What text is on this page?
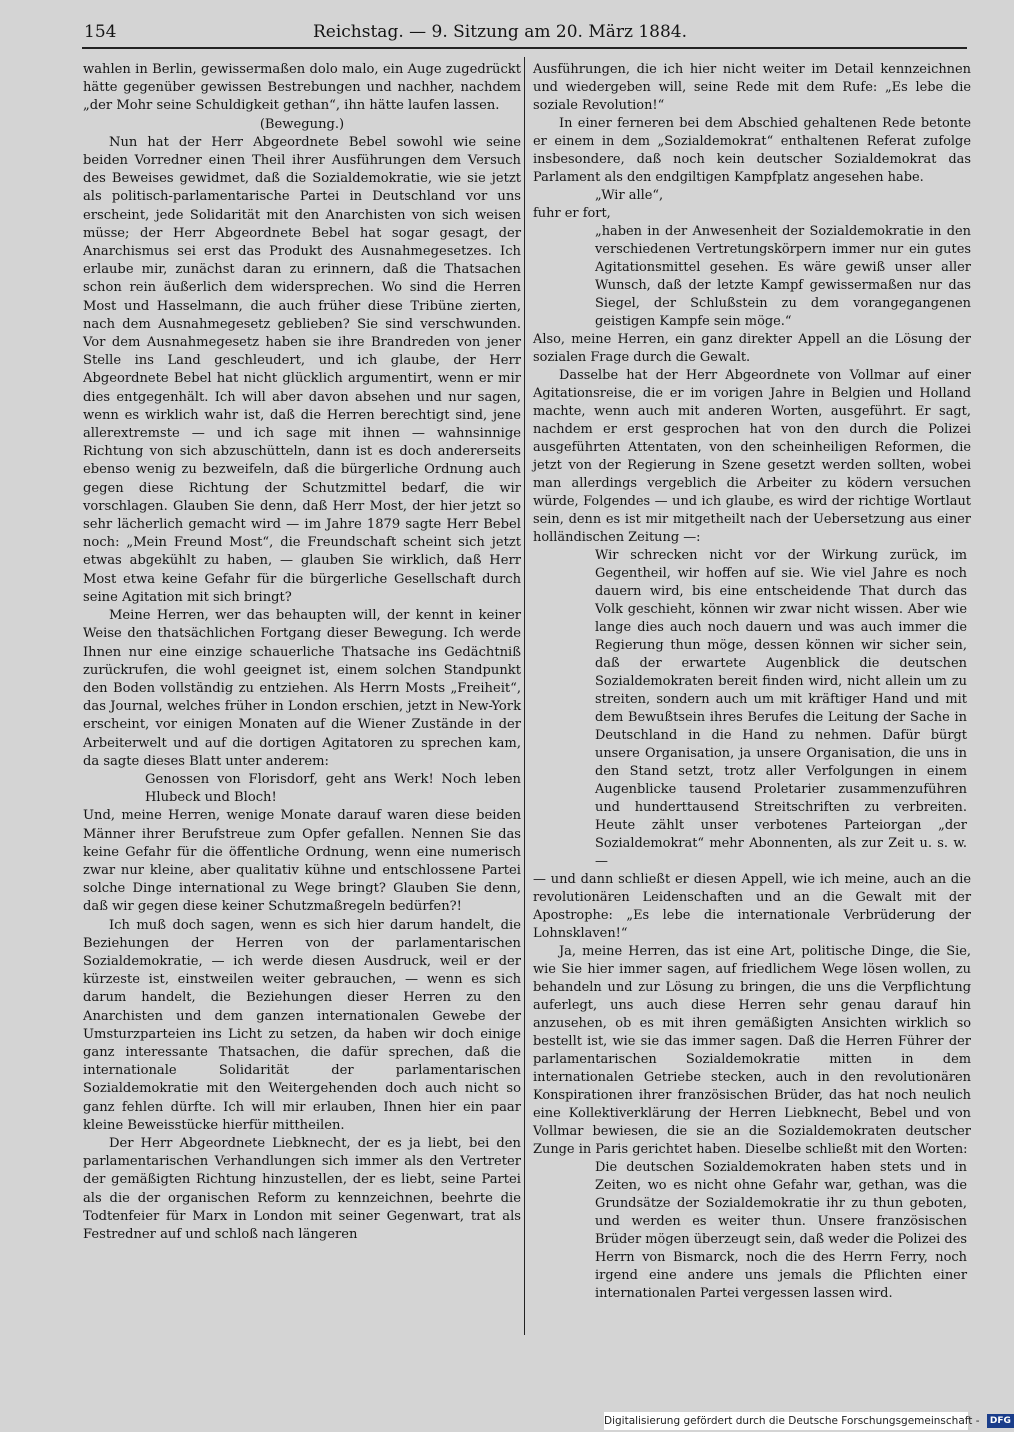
154	Reichstag. — 9. Sitzung am 20. März 1884.

wahlen in Berlin, gewissermaßen dolo malo, ein Auge zugedrückt hätte gegenüber gewissen Bestrebungen und nachher, nachdem „der Mohr seine Schuldigkeit gethan“, ihn hätte laufen lassen.

(Bewegung.)

Nun hat der Herr Abgeordnete Bebel sowohl wie seine beiden Vorredner einen Theil ihrer Ausführungen dem Versuch des Beweises gewidmet, daß die Sozialdemokratie, wie sie jetzt als politisch-parlamentarische Partei in Deutschland vor uns erscheint, jede Solidarität mit den Anarchisten von sich weisen müsse; der Herr Abgeordnete Bebel hat sogar gesagt, der Anarchismus sei erst das Produkt des Ausnahmegesetzes. Ich erlaube mir, zunächst daran zu erinnern, daß die Thatsachen schon rein äußerlich dem widersprechen. Wo sind die Herren Most und Hasselmann, die auch früher diese Tribüne zierten, nach dem Ausnahmegesetz geblieben? Sie sind verschwunden. Vor dem Ausnahmegesetz haben sie ihre Brandreden von jener Stelle ins Land geschleudert, und ich glaube, der Herr Abgeordnete Bebel hat nicht glücklich argumentirt, wenn er mir dies entgegenhält. Ich will aber davon absehen und nur sagen, wenn es wirklich wahr ist, daß die Herren berechtigt sind, jene allerextremste — und ich sage mit ihnen — wahnsinnige Richtung von sich abzuschütteln, dann ist es doch andererseits ebenso wenig zu bezweifeln, daß die bürgerliche Ordnung auch gegen diese Richtung der Schutzmittel bedarf, die wir vorschlagen. Glauben Sie denn, daß Herr Most, der hier jetzt so sehr lächerlich gemacht wird — im Jahre 1879 sagte Herr Bebel noch: „Mein Freund Most“, die Freundschaft scheint sich jetzt etwas abgekühlt zu haben, — glauben Sie wirklich, daß Herr Most etwa keine Gefahr für die bürgerliche Gesellschaft durch seine Agitation mit sich bringt?

Meine Herren, wer das behaupten will, der kennt in keiner Weise den thatsächlichen Fortgang dieser Bewegung. Ich werde Ihnen nur eine einzige schauerliche Thatsache ins Gedächtniß zurückrufen, die wohl geeignet ist, einem solchen Standpunkt den Boden vollständig zu entziehen. Als Herrn Mosts „Freiheit“, das Journal, welches früher in London erschien, jetzt in New-York erscheint, vor einigen Monaten auf die Wiener Zustände in der Arbeiterwelt und auf die dortigen Agitatoren zu sprechen kam, da sagte dieses Blatt unter anderem:

Genossen von Florisdorf, geht ans Werk! Noch leben Hlubeck und Bloch!

Und, meine Herren, wenige Monate darauf waren diese beiden Männer ihrer Berufstreue zum Opfer gefallen. Nennen Sie das keine Gefahr für die öffentliche Ordnung, wenn eine numerisch zwar nur kleine, aber qualitativ kühne und entschlossene Partei solche Dinge international zu Wege bringt? Glauben Sie denn, daß wir gegen diese keiner Schutzmaßregeln bedürfen?!

Ich muß doch sagen, wenn es sich hier darum handelt, die Beziehungen der Herren von der parlamentarischen Sozialdemokratie, — ich werde diesen Ausdruck, weil er der kürzeste ist, einstweilen weiter gebrauchen, — wenn es sich darum handelt, die Beziehungen dieser Herren zu den Anarchisten und dem ganzen internationalen Gewebe der Umsturzparteien ins Licht zu setzen, da haben wir doch einige ganz interessante Thatsachen, die dafür sprechen, daß die internationale Solidarität der parlamentarischen Sozialdemokratie mit den Weitergehenden doch auch nicht so ganz fehlen dürfte. Ich will mir erlauben, Ihnen hier ein paar kleine Beweisstücke hierfür mittheilen.

Der Herr Abgeordnete Liebknecht, der es ja liebt, bei den parlamentarischen Verhandlungen sich immer als den Vertreter der gemäßigten Richtung hinzustellen, der es liebt, seine Partei als die der organischen Reform zu kennzeichnen, beehrte die Todtenfeier für Marx in London mit seiner Gegenwart, trat als Festredner auf und schloß nach längeren

Ausführungen, die ich hier nicht weiter im Detail kennzeichnen und wiedergeben will, seine Rede mit dem Rufe: „Es lebe die soziale Revolution!“

In einer ferneren bei dem Abschied gehaltenen Rede betonte er einem in dem „Sozialdemokrat“ enthaltenen Referat zufolge insbesondere, daß noch kein deutscher Sozialdemokrat das Parlament als den endgiltigen Kampfplatz angesehen habe.

„Wir alle“,

fuhr er fort,

„haben in der Anwesenheit der Sozialdemokratie in den verschiedenen Vertretungskörpern immer nur ein gutes Agitationsmittel gesehen. Es wäre gewiß unser aller Wunsch, daß der letzte Kampf gewissermaßen nur das Siegel, der Schlußstein zu dem vorangegangenen geistigen Kampfe sein möge.“

Also, meine Herren, ein ganz direkter Appell an die Lösung der sozialen Frage durch die Gewalt.

Dasselbe hat der Herr Abgeordnete von Vollmar auf einer Agitationsreise, die er im vorigen Jahre in Belgien und Holland machte, wenn auch mit anderen Worten, ausgeführt. Er sagt, nachdem er erst gesprochen hat von den durch die Polizei ausgeführten Attentaten, von den scheinheiligen Reformen, die jetzt von der Regierung in Szene gesetzt werden sollten, wobei man allerdings vergeblich die Arbeiter zu ködern versuchen würde, Folgendes — und ich glaube, es wird der richtige Wortlaut sein, denn es ist mir mitgetheilt nach der Uebersetzung aus einer holländischen Zeitung —:

Wir schrecken nicht vor der Wirkung zurück, im Gegentheil, wir hoffen auf sie. Wie viel Jahre es noch dauern wird, bis eine entscheidende That durch das Volk geschieht, können wir zwar nicht wissen. Aber wie lange dies auch noch dauern und was auch immer die Regierung thun möge, dessen können wir sicher sein, daß der erwartete Augenblick die deutschen Sozialdemokraten bereit finden wird, nicht allein um zu streiten, sondern auch um mit kräftiger Hand und mit dem Bewußtsein ihres Berufes die Leitung der Sache in Deutschland in die Hand zu nehmen. Dafür bürgt unsere Organisation, ja unsere Organisation, die uns in den Stand setzt, trotz aller Verfolgungen in einem Augenblicke tausend Proletarier zusammenzuführen und hunderttausend Streitschriften zu verbreiten. Heute zählt unser verbotenes Parteiorgan „der Sozialdemokrat“ mehr Abonnenten, als zur Zeit u. s. w. —

— und dann schließt er diesen Appell, wie ich meine, auch an die revolutionären Leidenschaften und an die Gewalt mit der Apostrophe: „Es lebe die internationale Verbrüderung der Lohnsklaven!“

Ja, meine Herren, das ist eine Art, politische Dinge, die Sie, wie Sie hier immer sagen, auf friedlichem Wege lösen wollen, zu behandeln und zur Lösung zu bringen, die uns die Verpflichtung auferlegt, uns auch diese Herren sehr genau darauf hin anzusehen, ob es mit ihren gemäßigten Ansichten wirklich so bestellt ist, wie sie das immer sagen. Daß die Herren Führer der parlamentarischen Sozialdemokratie mitten in dem internationalen Getriebe stecken, auch in den revolutionären Konspirationen ihrer französischen Brüder, das hat noch neulich eine Kollektiverklärung der Herren Liebknecht, Bebel und von Vollmar bewiesen, die sie an die Sozialdemokraten deutscher Zunge in Paris gerichtet haben. Dieselbe schließt mit den Worten:

Die deutschen Sozialdemokraten haben stets und in Zeiten, wo es nicht ohne Gefahr war, gethan, was die Grundsätze der Sozialdemokratie ihr zu thun geboten, und werden es weiter thun. Unsere französischen Brüder mögen überzeugt sein, daß weder die Polizei des Herrn von Bismarck, noch die des Herrn Ferry, noch irgend eine andere uns jemals die Pflichten einer internationalen Partei vergessen lassen wird.

Digitalisierung gefördert durch die Deutsche Forschungsgemeinschaft - DFG
